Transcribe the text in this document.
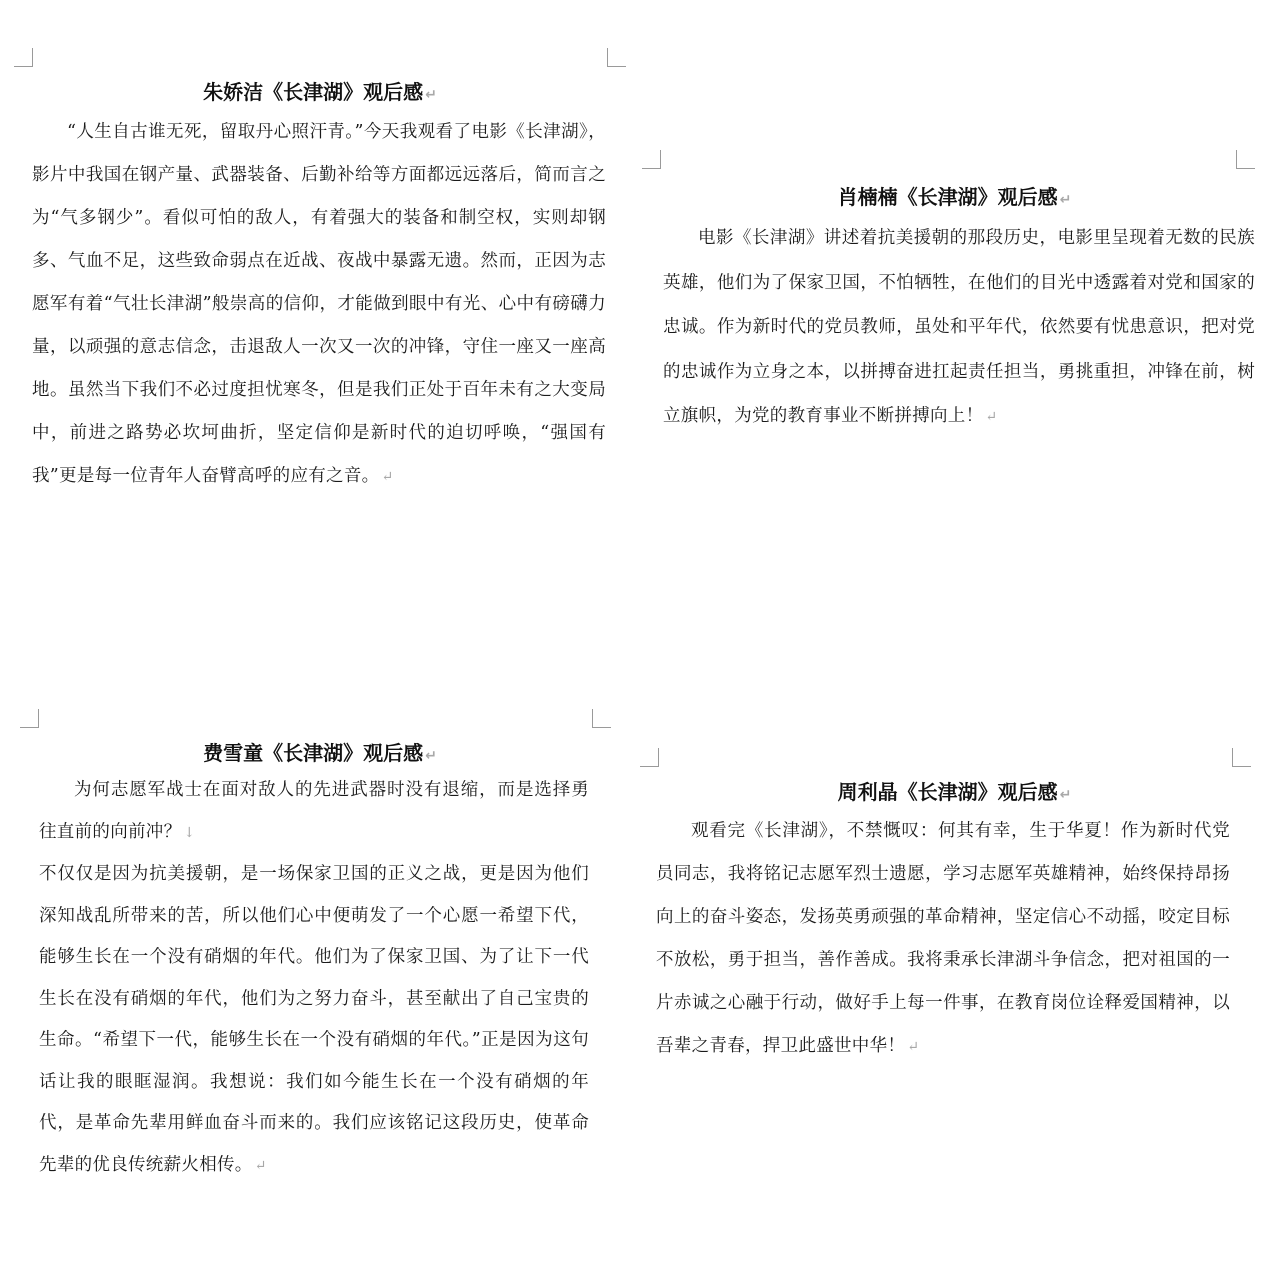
朱娇洁《长津湖》观后感 ↵
“人生自古谁无死，留取丹心照汗青。”今天我观看了电影《长津湖》，影片中我国在钢产量、武器装备、后勤补给等方面都远远落后，简而言之为“气多钢少”。看似可怕的敌人，有着强大的装备和制空权，实则却钢多、气血不足，这些致命弱点在近战、夜战中暴露无遗。然而，正因为志愿军有着“气壮长津湖”般崇高的信仰，才能做到眼中有光、心中有磅礴力量，以顽强的意志信念，击退敌人一次又一次的冲锋，守住一座又一座高地。虽然当下我们不必过度担忧寒冬，但是我们正处于百年未有之大变局中，前进之路势必坎坷曲折，坚定信仰是新时代的迫切呼唤，“强国有我”更是每一位青年人奋臂高呼的应有之音。 ↵
肖楠楠《长津湖》观后感 ↵
电影《长津湖》讲述着抗美援朝的那段历史，电影里呈现着无数的民族英雄，他们为了保家卫国，不怕牺牲，在他们的目光中透露着对党和国家的忠诚。作为新时代的党员教师，虽处和平年代，依然要有忧患意识，把对党的忠诚作为立身之本，以拼搏奋进扛起责任担当，勇挑重担，冲锋在前，树立旗帜，为党的教育事业不断拼搏向上！ ↵
费雪童《长津湖》观后感 ↵

为何志愿军战士在面对敌人的先进武器时没有退缩，而是选择勇往直前的向前冲？ ↓

不仅仅是因为抗美援朝，是一场保家卫国的正义之战，更是因为他们深知战乱所带来的苦，所以他们心中便萌发了一个心愿一希望下代，能够生长在一个没有硝烟的年代。他们为了保家卫国、为了让下一代生长在没有硝烟的年代，他们为之努力奋斗，甚至献出了自己宝贵的生命。“希望下一代，能够生长在一个没有硝烟的年代。”正是因为这句话让我的眼眶湿润。我想说：我们如今能生长在一个没有硝烟的年代，是革命先辈用鲜血奋斗而来的。我们应该铭记这段历史，使革命先辈的优良传统薪火相传。 ↵

周利晶《长津湖》观后感 ↵
观看完《长津湖》，不禁慨叹：何其有幸，生于华夏！作为新时代党员同志，我将铭记志愿军烈士遗愿，学习志愿军英雄精神，始终保持昂扬向上的奋斗姿态，发扬英勇顽强的革命精神，坚定信心不动摇，咬定目标不放松，勇于担当，善作善成。我将秉承长津湖斗争信念，把对祖国的一片赤诚之心融于行动，做好手上每一件事，在教育岗位诠释爱国精神，以吾辈之青春，捍卫此盛世中华！ ↵
